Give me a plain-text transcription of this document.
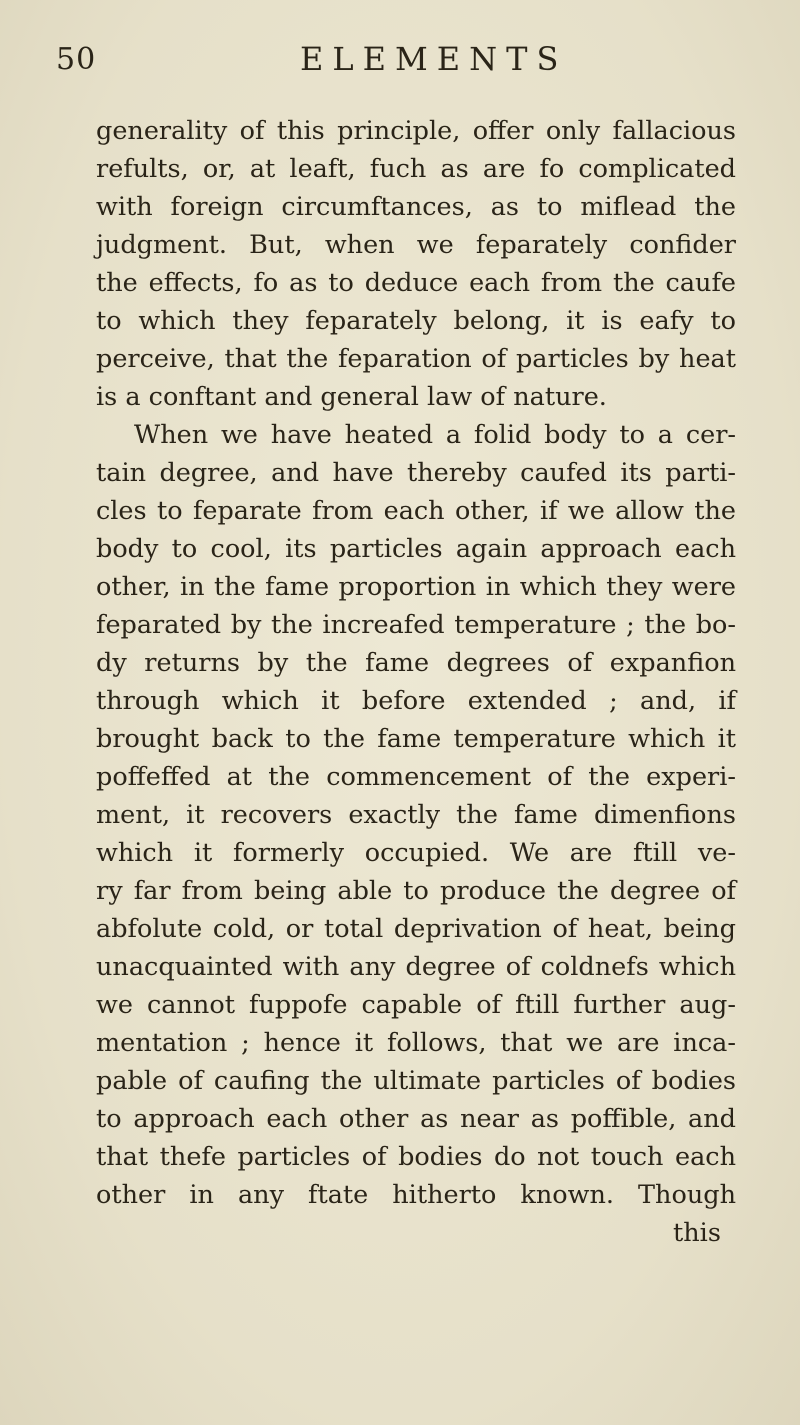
50	ELEMENTS
generality of this principle, offer only fallacious
refults, or, at leaft, fuch as are fo complicated
with foreign circumftances, as to miflead the
judgment. But, when we feparately confider
the effects, fo as to deduce each from the caufe
to which they feparately belong, it is eafy to
perceive, that the feparation of particles by heat
is a conftant and general law of nature.
When we have heated a folid body to a cer-
tain degree, and have thereby caufed its parti-
cles to feparate from each other, if we allow the
body to cool, its particles again approach each
other, in the fame proportion in which they were
feparated by the increafed temperature ; the bo-
dy returns by the fame degrees of expanfion
through which it before extended ; and, if
brought back to the fame temperature which it
poffeffed at the commencement of the experi-
ment, it recovers exactly the fame dimenfions
which it formerly occupied. We are ftill ve-
ry far from being able to produce the degree of
abfolute cold, or total deprivation of heat, being
unacquainted with any degree of coldnefs which
we cannot fuppofe capable of ftill further aug-
mentation ; hence it follows, that we are inca-
pable of caufing the ultimate particles of bodies
to approach each other as near as poffible, and
that thefe particles of bodies do not touch each
other in any ftate hitherto known. Though
this
